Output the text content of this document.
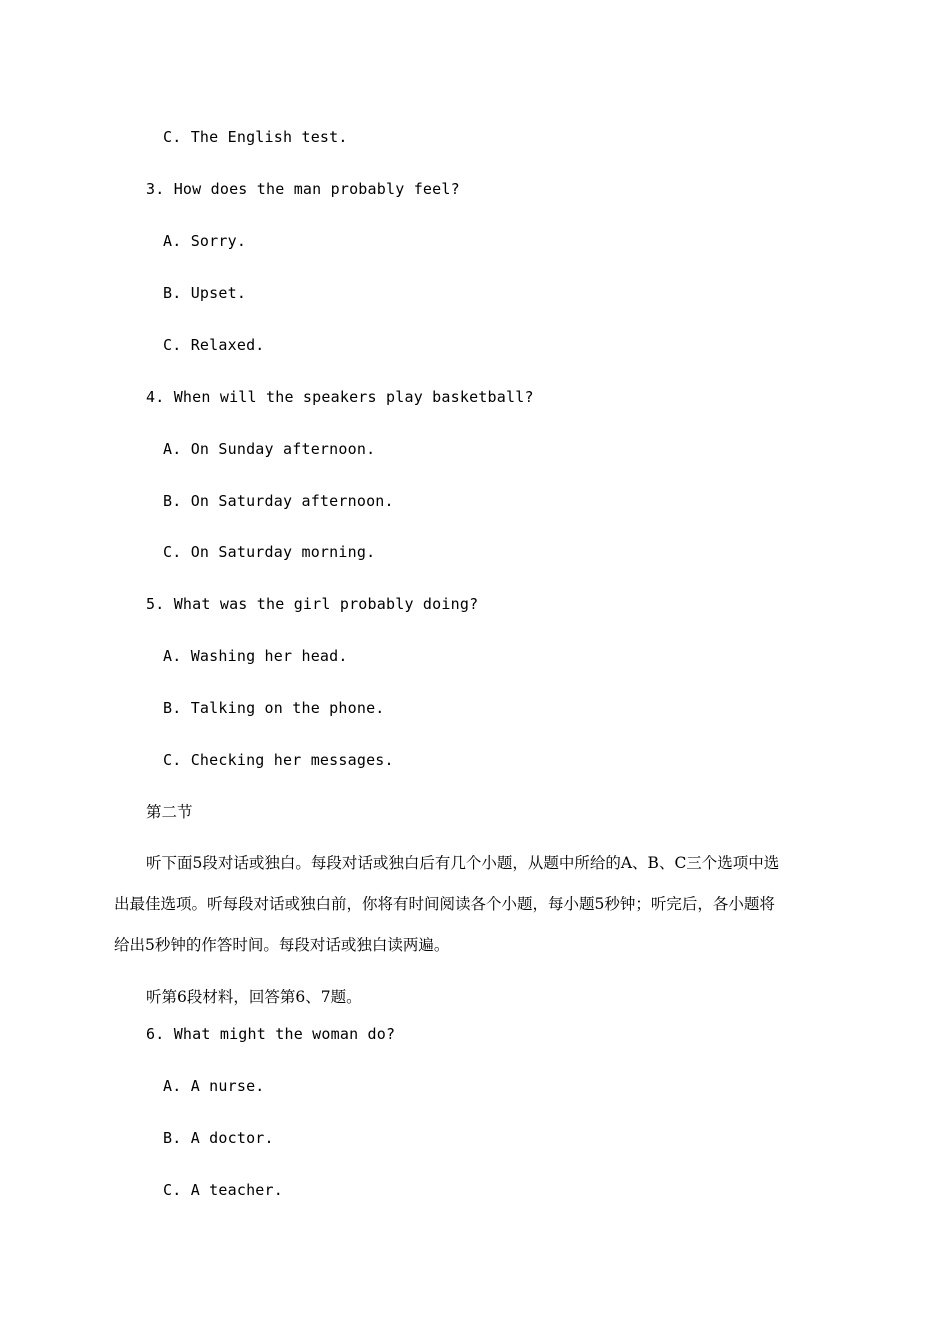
C. The English test.
3. How does the man probably feel?
A. Sorry.
B. Upset.
C. Relaxed.
4. When will the speakers play basketball?
A. On Sunday afternoon.
B. On Saturday afternoon.
C. On Saturday morning.
5. What was the girl probably doing?
A. Washing her head.
B. Talking on the phone.
C. Checking her messages.
第二节
听下面5段对话或独白。每段对话或独白后有几个小题，从题中所给的A、B、C三个选项中选
出最佳选项。听每段对话或独白前，你将有时间阅读各个小题，每小题5秒钟；听完后，各小题将
给出5秒钟的作答时间。每段对话或独白读两遍。
听第6段材料，回答第6、7题。
6. What might the woman do?
A. A nurse.
B. A doctor.
C. A teacher.
